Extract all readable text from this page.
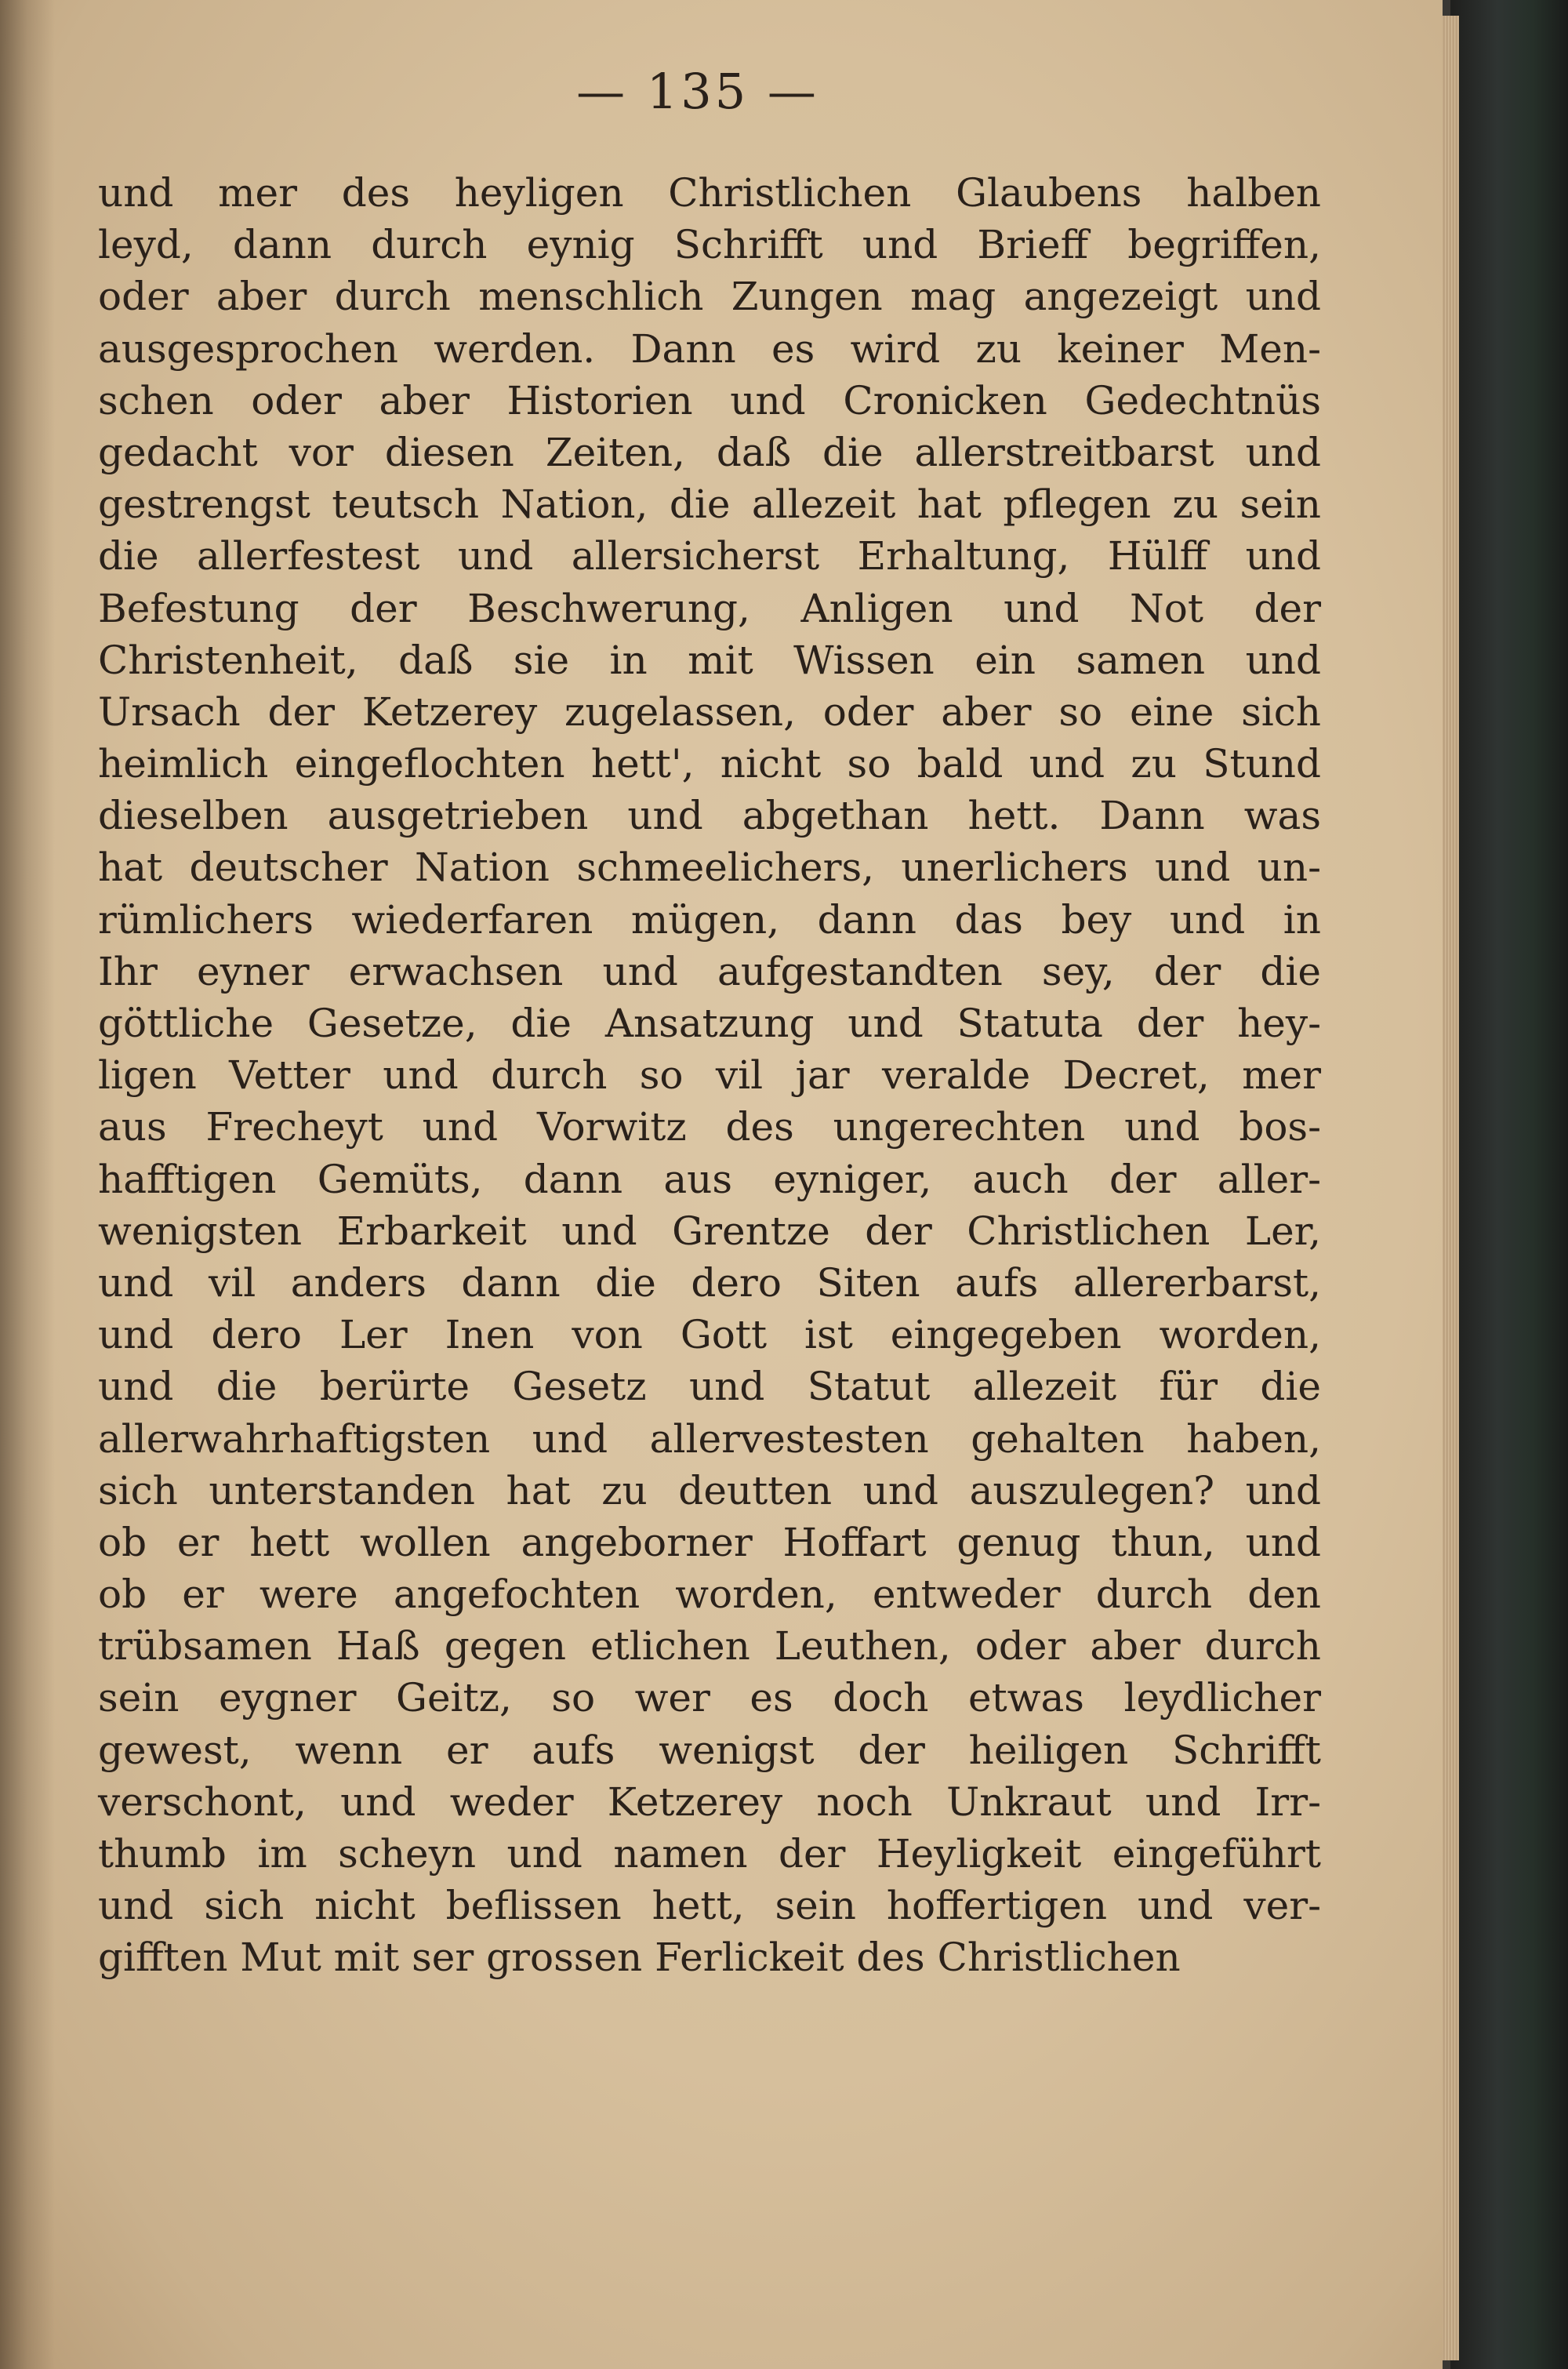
— 135 —
und mer des heyligen Christlichen Glaubens halben
leyd, dann durch eynig Schrifft und Brieff begriffen,
oder aber durch menschlich Zungen mag angezeigt und
ausgesprochen werden. Dann es wird zu keiner Men-
schen oder aber Historien und Cronicken Gedechtnüs
gedacht vor diesen Zeiten, daß die allerstreitbarst und
gestrengst teutsch Nation, die allezeit hat pflegen zu sein
die allerfestest und allersicherst Erhaltung, Hülff und
Befestung der Beschwerung, Anligen und Not der
Christenheit, daß sie in mit Wissen ein samen und
Ursach der Ketzerey zugelassen, oder aber so eine sich
heimlich eingeflochten hett', nicht so bald und zu Stund
dieselben ausgetrieben und abgethan hett. Dann was
hat deutscher Nation schmeelichers, unerlichers und un-
rümlichers wiederfaren mügen, dann das bey und in
Ihr eyner erwachsen und aufgestandten sey, der die
göttliche Gesetze, die Ansatzung und Statuta der hey-
ligen Vetter und durch so vil jar veralde Decret, mer
aus Frecheyt und Vorwitz des ungerechten und bos-
hafftigen Gemüts, dann aus eyniger, auch der aller-
wenigsten Erbarkeit und Grentze der Christlichen Ler,
und vil anders dann die dero Siten aufs allererbarst,
und dero Ler Inen von Gott ist eingegeben worden,
und die berürte Gesetz und Statut allezeit für die
allerwahrhaftigsten und allervestesten gehalten haben,
sich unterstanden hat zu deutten und auszulegen? und
ob er hett wollen angeborner Hoffart genug thun, und
ob er were angefochten worden, entweder durch den
trübsamen Haß gegen etlichen Leuthen, oder aber durch
sein eygner Geitz, so wer es doch etwas leydlicher
gewest, wenn er aufs wenigst der heiligen Schrifft
verschont, und weder Ketzerey noch Unkraut und Irr-
thumb im scheyn und namen der Heyligkeit eingeführt
und sich nicht beflissen hett, sein hoffertigen und ver-
gifften Mut mit ser grossen Ferlickeit des Christlichen
